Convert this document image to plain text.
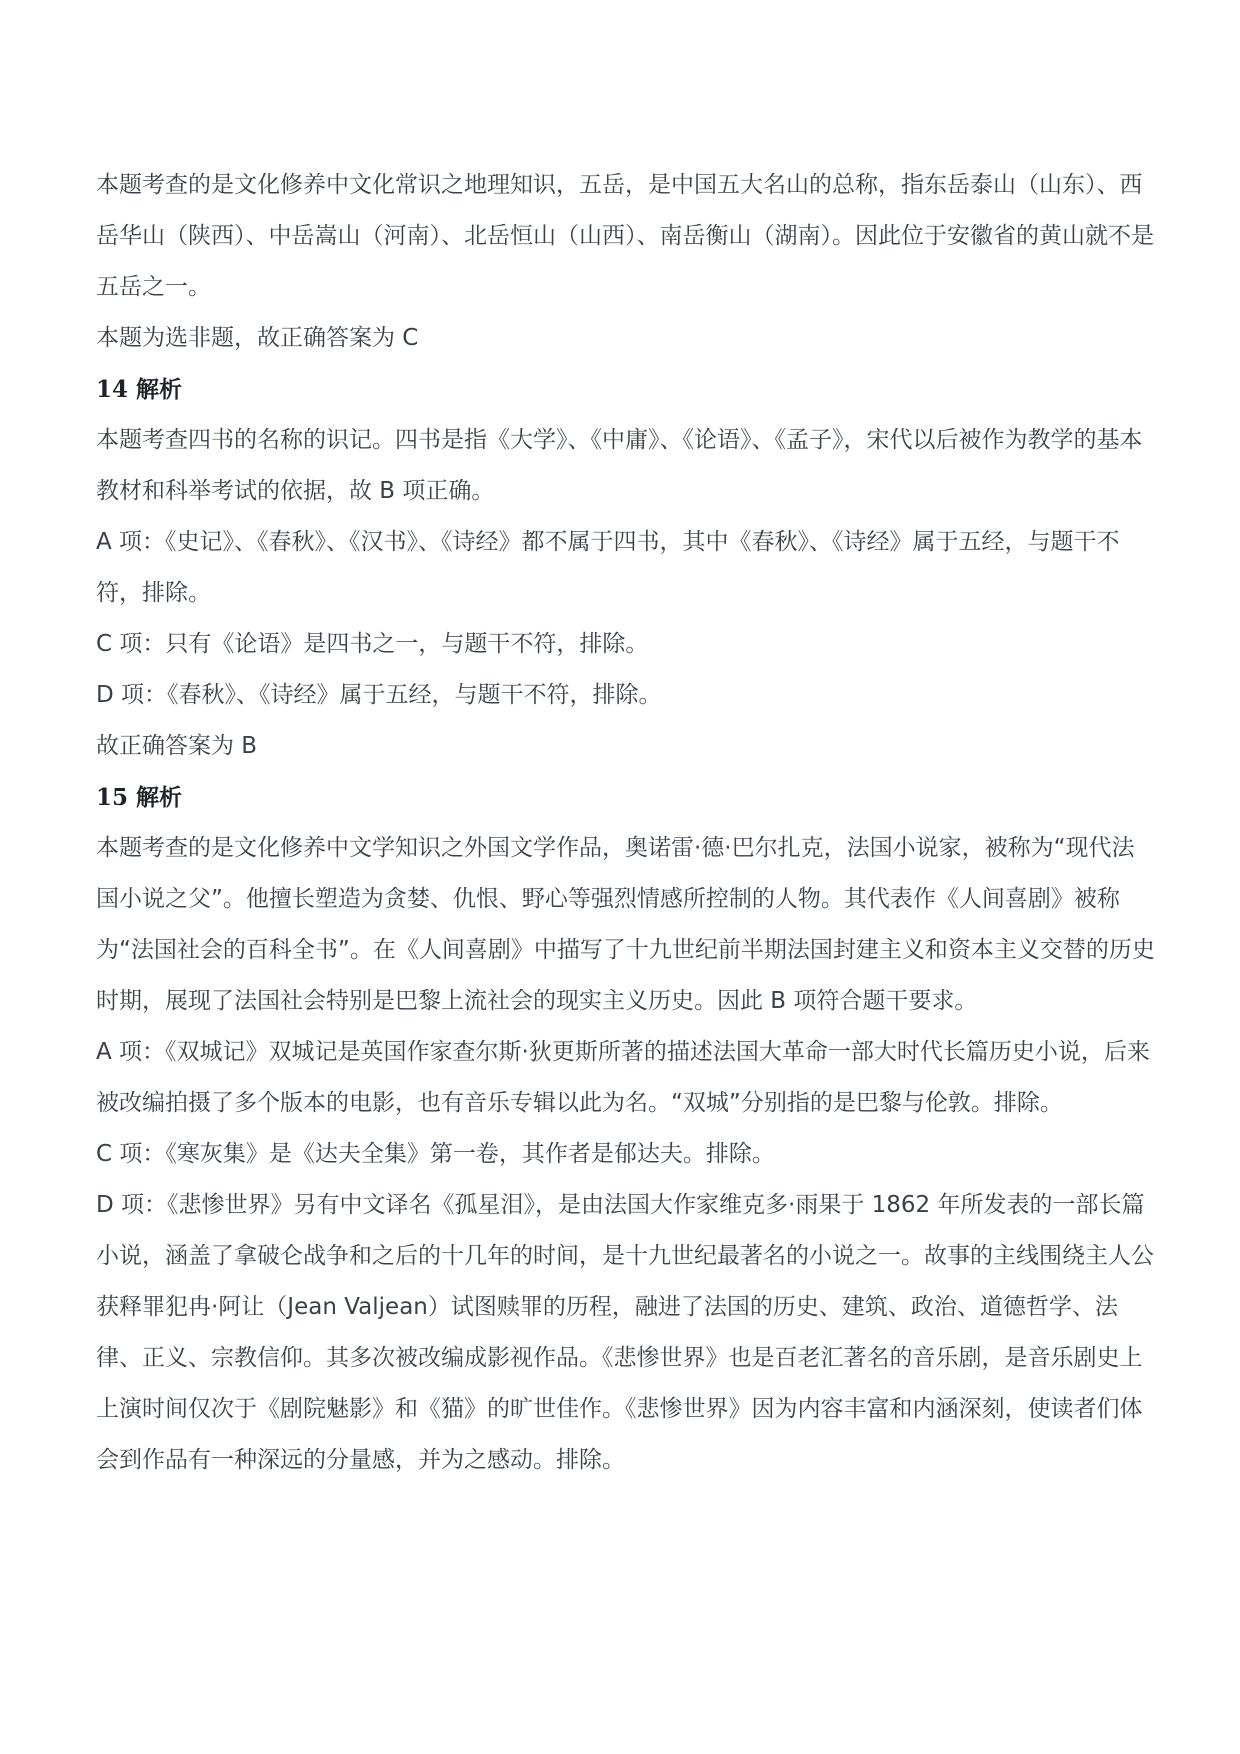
本题考查的是文化修养中文化常识之地理知识，五岳，是中国五大名山的总称，指东岳泰山（山东）、西岳华山（陕西）、中岳嵩山（河南）、北岳恒山（山西）、南岳衡山（湖南）。因此位于安徽省的黄山就不是五岳之一。

本题为选非题，故正确答案为 C

14 解析

本题考查四书的名称的识记。四书是指《大学》、《中庸》、《论语》、《孟子》，宋代以后被作为教学的基本教材和科举考试的依据，故 B 项正确。

A 项：《史记》、《春秋》、《汉书》、《诗经》都不属于四书，其中《春秋》、《诗经》属于五经，与题干不符，排除。

C 项：只有《论语》是四书之一，与题干不符，排除。

D 项：《春秋》、《诗经》属于五经，与题干不符，排除。

故正确答案为 B

15 解析

本题考查的是文化修养中文学知识之外国文学作品，奥诺雷·德·巴尔扎克，法国小说家，被称为“现代法国小说之父”。他擅长塑造为贪婪、仇恨、野心等强烈情感所控制的人物。其代表作《人间喜剧》被称为“法国社会的百科全书”。在《人间喜剧》中描写了十九世纪前半期法国封建主义和资本主义交替的历史时期，展现了法国社会特别是巴黎上流社会的现实主义历史。因此 B 项符合题干要求。

A 项：《双城记》双城记是英国作家查尔斯·狄更斯所著的描述法国大革命一部大时代长篇历史小说，后来被改编拍摄了多个版本的电影，也有音乐专辑以此为名。“双城”分别指的是巴黎与伦敦。排除。

C 项：《寒灰集》是《达夫全集》第一卷，其作者是郁达夫。排除。

D 项：《悲惨世界》另有中文译名《孤星泪》，是由法国大作家维克多·雨果于 1862 年所发表的一部长篇小说，涵盖了拿破仑战争和之后的十几年的时间，是十九世纪最著名的小说之一。故事的主线围绕主人公获释罪犯冉·阿让（Jean Valjean）试图赎罪的历程，融进了法国的历史、建筑、政治、道德哲学、法律、正义、宗教信仰。其多次被改编成影视作品。《悲惨世界》也是百老汇著名的音乐剧，是音乐剧史上上演时间仅次于《剧院魅影》和《猫》的旷世佳作。《悲惨世界》因为内容丰富和内涵深刻，使读者们体会到作品有一种深远的分量感，并为之感动。排除。
